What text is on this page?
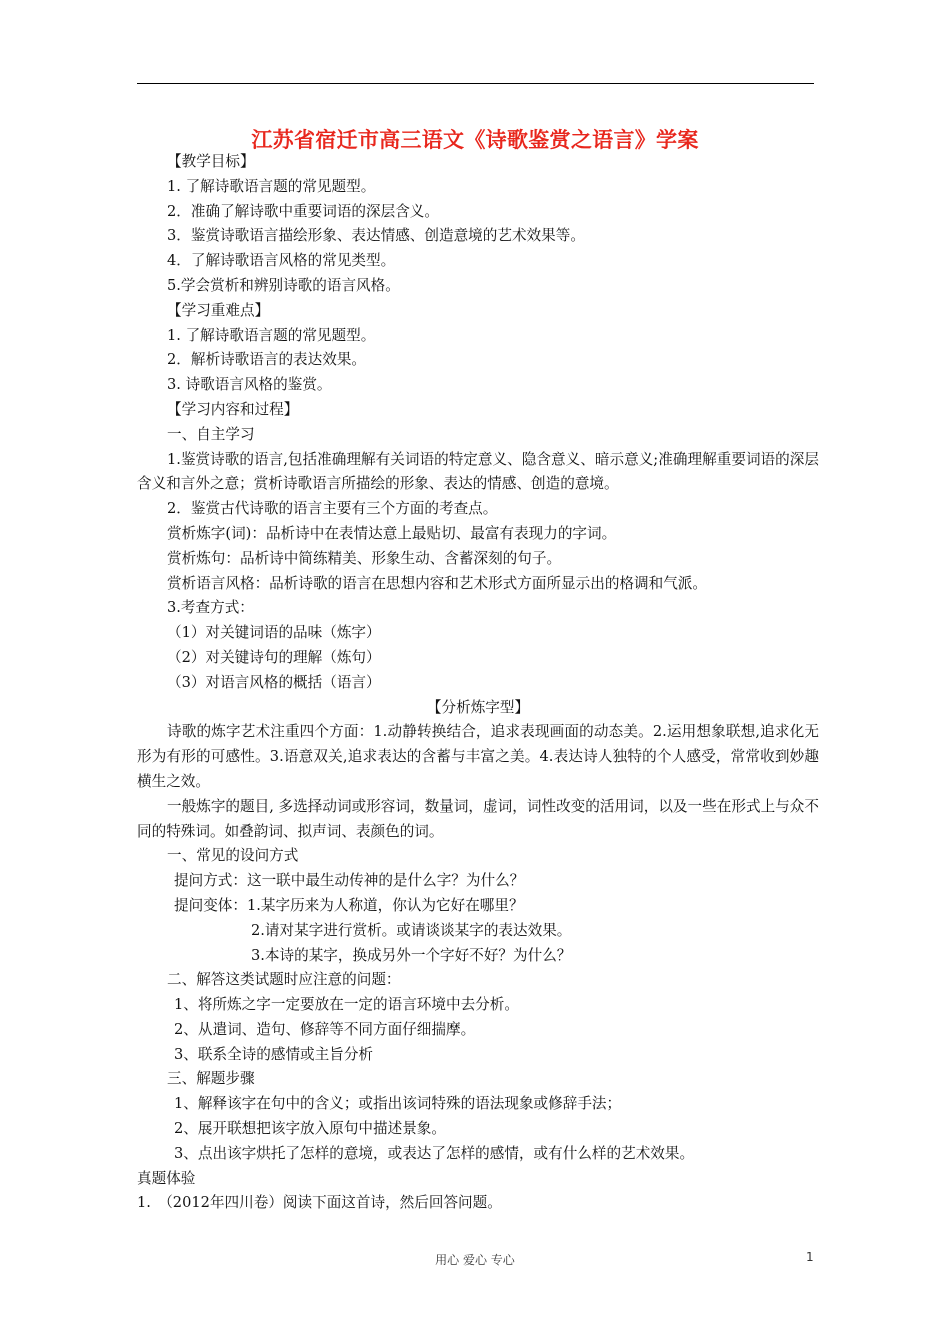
江苏省宿迁市高三语文《诗歌鉴赏之语言》学案
【教学目标】
1. 了解诗歌语言题的常见题型。
2．准确了解诗歌中重要词语的深层含义。
3．鉴赏诗歌语言描绘形象、表达情感、创造意境的艺术效果等。
4．了解诗歌语言风格的常见类型。
5.学会赏析和辨别诗歌的语言风格。
【学习重难点】
1. 了解诗歌语言题的常见题型。
2．解析诗歌语言的表达效果。
3. 诗歌语言风格的鉴赏。
【学习内容和过程】
一、自主学习
1.鉴赏诗歌的语言,包括准确理解有关词语的特定意义、隐含意义、暗示意义;准确理解重要词语的深层含义和言外之意；赏析诗歌语言所描绘的形象、表达的情感、创造的意境。
2．鉴赏古代诗歌的语言主要有三个方面的考查点。
赏析炼字(词)：品析诗中在表情达意上最贴切、最富有表现力的字词。
赏析炼句：品析诗中简练精美、形象生动、含蓄深刻的句子。
赏析语言风格：品析诗歌的语言在思想内容和艺术形式方面所显示出的格调和气派。
3.考查方式：
（1）对关键词语的品味（炼字）
（2）对关键诗句的理解（炼句）
（3）对语言风格的概括（语言）
【分析炼字型】
诗歌的炼字艺术注重四个方面：1.动静转换结合，追求表现画面的动态美。2.运用想象联想,追求化无形为有形的可感性。3.语意双关,追求表达的含蓄与丰富之美。4.表达诗人独特的个人感受，常常收到妙趣横生之效。
一般炼字的题目, 多选择动词或形容词，数量词，虚词，词性改变的活用词，以及一些在形式上与众不同的特殊词。如叠韵词、拟声词、表颜色的词。
一、常见的设问方式
提问方式：这一联中最生动传神的是什么字？为什么？
提问变体：1.某字历来为人称道，你认为它好在哪里？
2.请对某字进行赏析。或请谈谈某字的表达效果。
3.本诗的某字，换成另外一个字好不好？为什么？
二、解答这类试题时应注意的问题：
1、将所炼之字一定要放在一定的语言环境中去分析。
2、从遣词、造句、修辞等不同方面仔细揣摩。
3、联系全诗的感情或主旨分析
三、解题步骤
1、解释该字在句中的含义；或指出该词特殊的语法现象或修辞手法；
2、展开联想把该字放入原句中描述景象。
3、点出该字烘托了怎样的意境，或表达了怎样的感情，或有什么样的艺术效果。
真题体验
1.　（2012年四川卷）阅读下面这首诗，然后回答问题。
用心 爱心 专心	1
